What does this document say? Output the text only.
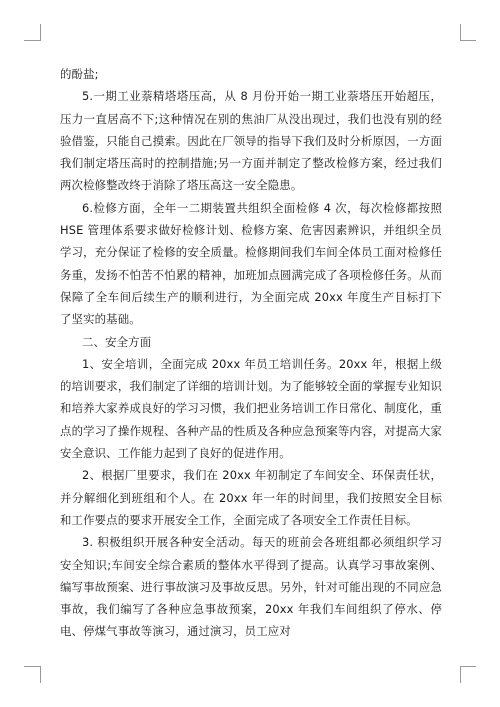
的酚盐;

5.一期工业萘精塔塔压高，从 8 月份开始一期工业萘塔压开始超压，压力一直居高不下;这种情况在别的焦油厂从没出现过，我们也没有别的经验借鉴，只能自己摸索。因此在厂领导的指导下我们及时分析原因，一方面我们制定塔压高时的控制措施;另一方面并制定了整改检修方案，经过我们两次检修整改终于消除了塔压高这一安全隐患。

6.检修方面，全年一二期装置共组织全面检修 4 次，每次检修都按照 HSE 管理体系要求做好检修计划、检修方案、危害因素辨识，并组织全员学习，充分保证了检修的安全质量。检修期间我们车间全体员工面对检修任务重，发扬不怕苦不怕累的精神，加班加点圆满完成了各项检修任务。从而保障了全车间后续生产的顺利进行，为全面完成 20xx 年度生产目标打下了坚实的基础。

二、安全方面

1、安全培训，全面完成 20xx 年员工培训任务。20xx 年，根据上级的培训要求，我们制定了详细的培训计划。为了能够较全面的掌握专业知识和培养大家养成良好的学习习惯，我们把业务培训工作日常化、制度化，重点的学习了操作规程、各种产品的性质及各种应急预案等内容，对提高大家安全意识、工作能力起到了良好的促进作用。

2、根据厂里要求，我们在 20xx 年初制定了车间安全、环保责任状，并分解细化到班组和个人。在 20xx 年一年的时间里，我们按照安全目标和工作要点的要求开展安全工作，全面完成了各项安全工作责任目标。

3. 积极组织开展各种安全活动。每天的班前会各班组都必须组织学习安全知识;车间安全综合素质的整体水平得到了提高。认真学习事故案例、编写事故预案、进行事故演习及事故反思。另外，针对可能出现的不同应急事故，我们编写了各种应急事故预案，20xx 年我们车间组织了停水、停电、停煤气事故等演习，通过演习，员工应对
